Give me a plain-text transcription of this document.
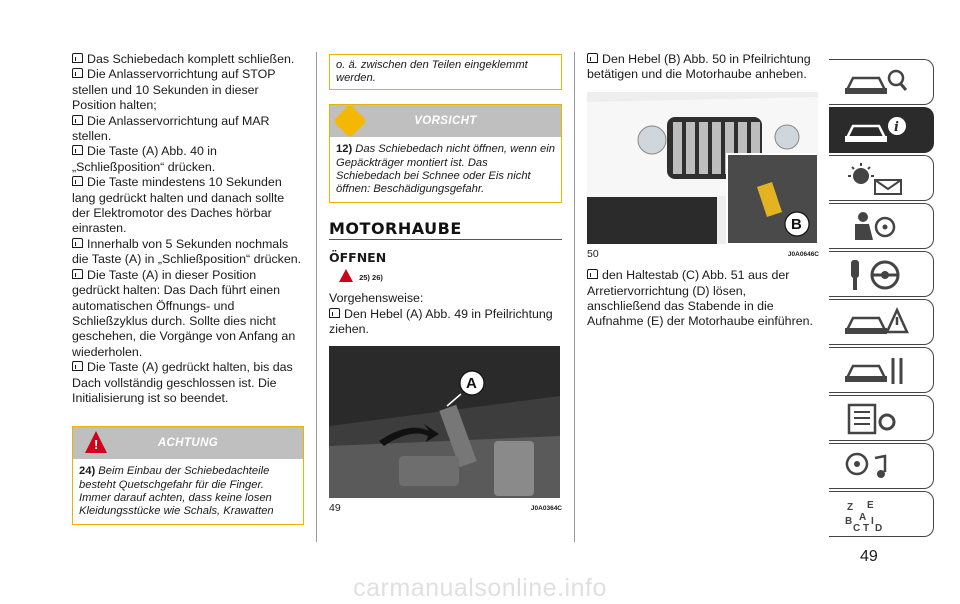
Das Schiebedach komplett schließen.

Die Anlasservorrichtung auf STOP stellen und 10 Sekunden in dieser Position halten;

Die Anlasservorrichtung auf MAR stellen.

Die Taste (A) Abb. 40 in „Schließposition“ drücken.

Die Taste mindestens 10 Sekunden lang gedrückt halten und danach sollte der Elektromotor des Daches hörbar einrasten.

Innerhalb von 5 Sekunden nochmals die Taste (A) in „Schließposition“ drücken.

Die Taste (A) in dieser Position gedrückt halten: Das Dach führt einen automatischen Öffnungs- und Schließzyklus durch. Sollte dies nicht geschehen, die Vorgänge von Anfang an wiederholen.

Die Taste (A) gedrückt halten, bis das Dach vollständig geschlossen ist. Die Initialisierung ist so beendet.

!	ACHTUNG
24) Beim Einbau der Schiebedachteile besteht Quetschgefahr für die Finger. Immer darauf achten, dass keine losen Kleidungsstücke wie Schals, Krawatten
o. ä. zwischen den Teilen eingeklemmt werden.
VORSICHT
12) Das Schiebedach nicht öffnen, wenn ein Gepäckträger montiert ist. Das Schiebedach bei Schnee oder Eis nicht öffnen: Beschädigungsgefahr.
MOTORHAUBE
ÖFFNEN
25) 26)

Vorgehensweise:

Den Hebel (A) Abb. 49 in Pfeilrichtung ziehen.

A
49	J0A0364C

Den Hebel (B) Abb. 50 in Pfeilrichtung betätigen und die Motorhaube anheben.

B
50	J0A0646C

den Haltestab (C) Abb. 51 aus der Arretiervorrichtung (D) lösen, anschließend das Stabende in die Aufnahme (E) der Motorhaube einführen.

i
Z E
B A I
C T D
49
carmanualsonline.info
